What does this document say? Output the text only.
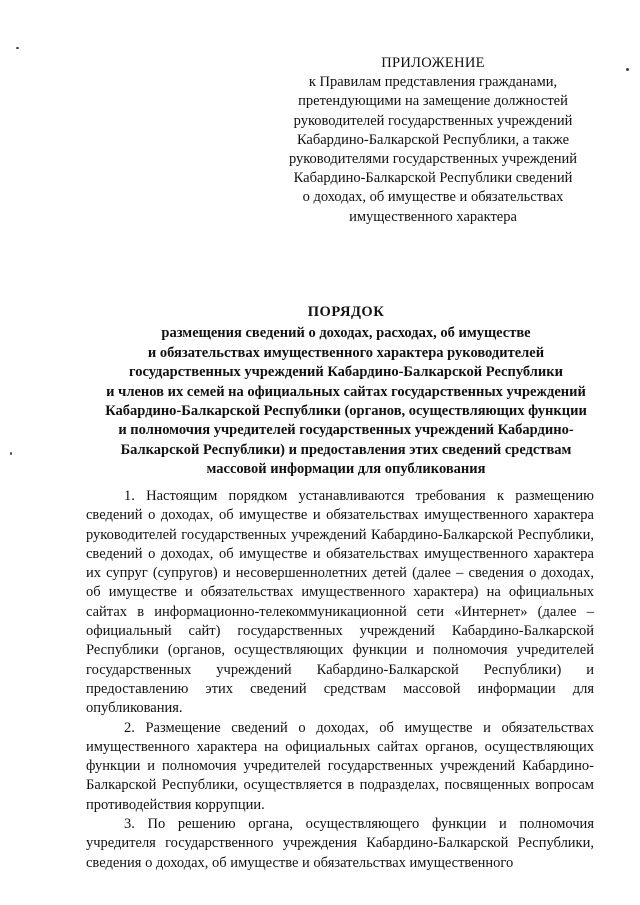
ПРИЛОЖЕНИЕ
к Правилам представления гражданами,
претендующими на замещение должностей
руководителей государственных учреждений
Кабардино-Балкарской Республики, а также
руководителями государственных учреждений
Кабардино-Балкарской Республики сведений
о доходах, об имуществе и обязательствах
имущественного характера
ПОРЯДОК
размещения сведений о доходах, расходах, об имуществе
и обязательствах имущественного характера руководителей
государственных учреждений Кабардино-Балкарской Республики
и членов их семей на официальных сайтах государственных учреждений
Кабардино-Балкарской Республики (органов, осуществляющих функции
и полномочия учредителей государственных учреждений Кабардино-
Балкарской Республики) и предоставления этих сведений средствам
массовой информации для опубликования

1. Настоящим порядком устанавливаются требования к размещению сведений о доходах, об имуществе и обязательствах имущественного характера руководителей государственных учреждений Кабардино-Балкарской Республики, сведений о доходах, об имуществе и обязательствах имущественного характера их супруг (супругов) и несовершеннолетних детей (далее – сведения о доходах, об имуществе и обязательствах имущественного характера) на официальных сайтах в информационно-телекоммуникационной сети «Интернет» (далее – официальный сайт) государственных учреждений Кабардино-Балкарской Республики (органов, осуществляющих функции и полномочия учредителей государственных учреждений Кабардино-Балкарской Республики) и предоставлению этих сведений средствам массовой информации для опубликования.

2. Размещение сведений о доходах, об имуществе и обязательствах имущественного характера на официальных сайтах органов, осуществляющих функции и полномочия учредителей государственных учреждений Кабардино-Балкарской Республики, осуществляется в подразделах, посвященных вопросам противодействия коррупции.

3. По решению органа, осуществляющего функции и полномочия учредителя государственного учреждения Кабардино-Балкарской Республики, сведения о доходах, об имуществе и обязательствах имущественного
